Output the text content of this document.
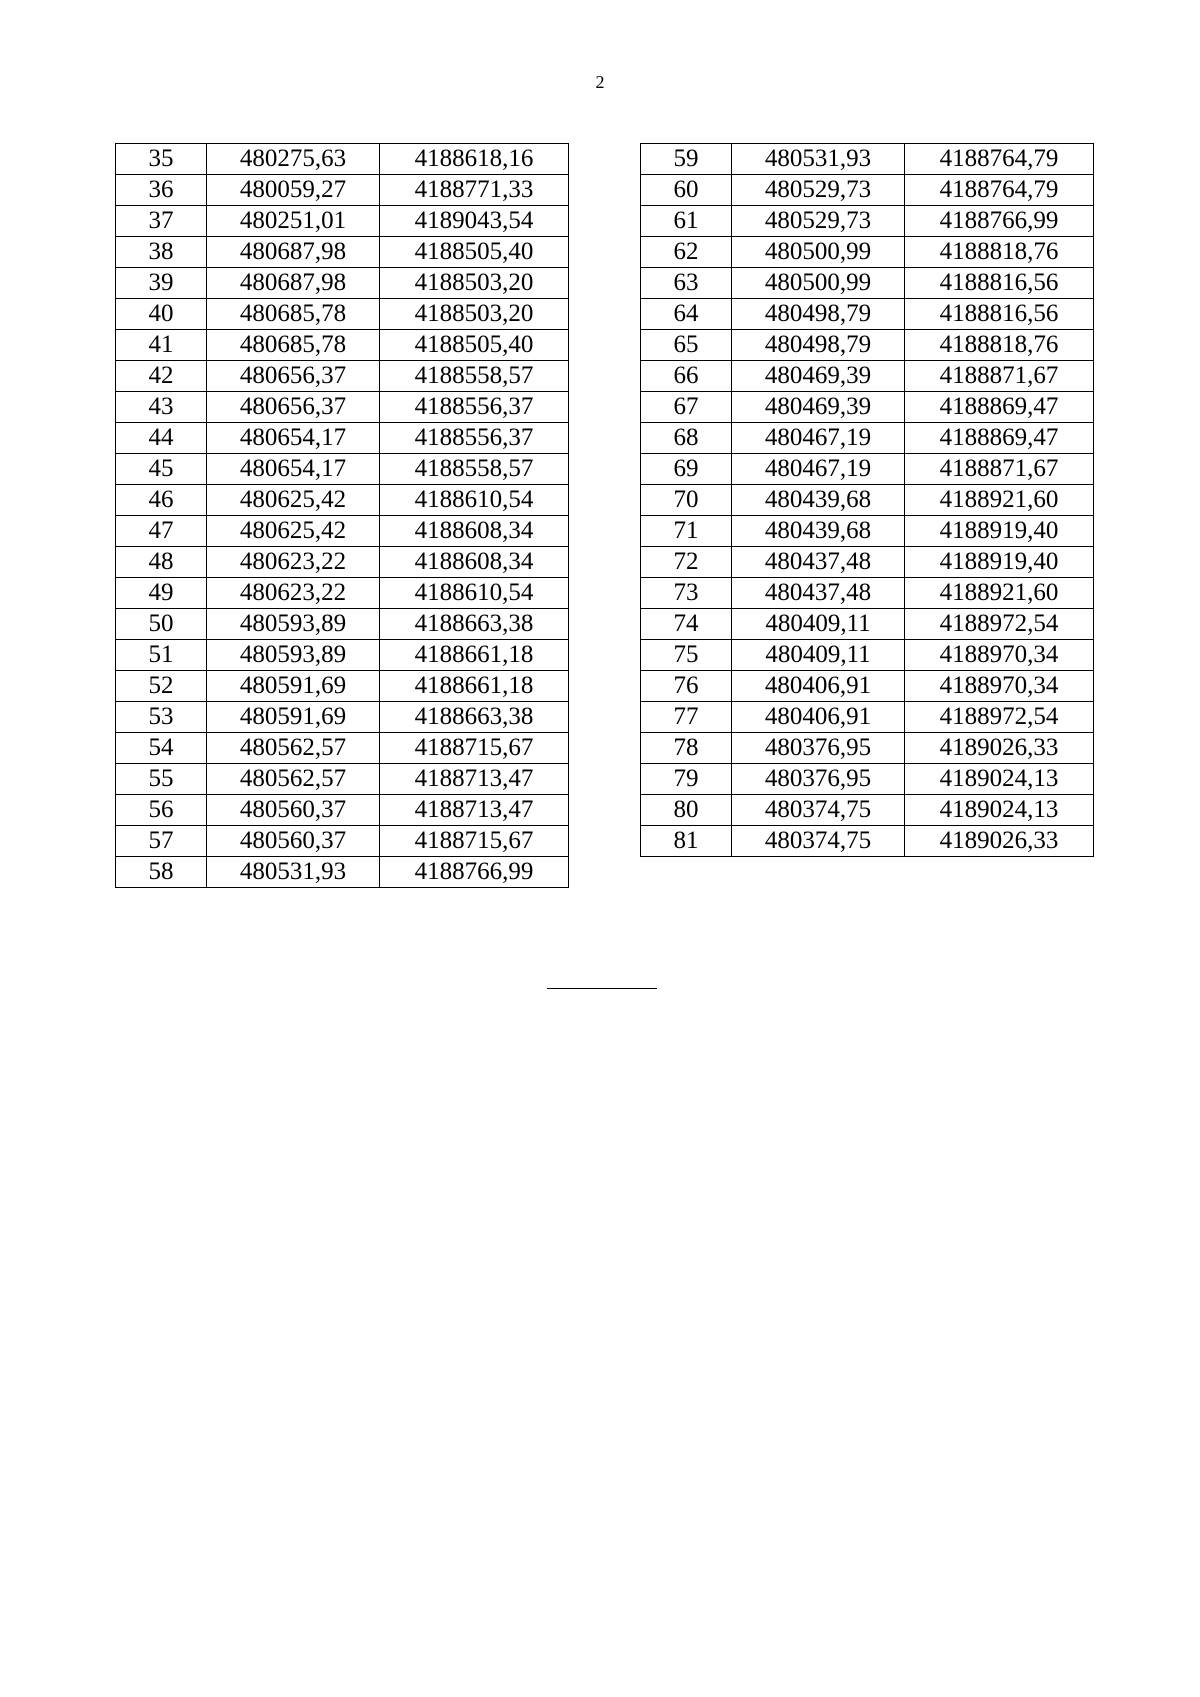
2
35	480275,63	4188618,16
36	480059,27	4188771,33
37	480251,01	4189043,54
38	480687,98	4188505,40
39	480687,98	4188503,20
40	480685,78	4188503,20
41	480685,78	4188505,40
42	480656,37	4188558,57
43	480656,37	4188556,37
44	480654,17	4188556,37
45	480654,17	4188558,57
46	480625,42	4188610,54
47	480625,42	4188608,34
48	480623,22	4188608,34
49	480623,22	4188610,54
50	480593,89	4188663,38
51	480593,89	4188661,18
52	480591,69	4188661,18
53	480591,69	4188663,38
54	480562,57	4188715,67
55	480562,57	4188713,47
56	480560,37	4188713,47
57	480560,37	4188715,67
58	480531,93	4188766,99
59	480531,93	4188764,79
60	480529,73	4188764,79
61	480529,73	4188766,99
62	480500,99	4188818,76
63	480500,99	4188816,56
64	480498,79	4188816,56
65	480498,79	4188818,76
66	480469,39	4188871,67
67	480469,39	4188869,47
68	480467,19	4188869,47
69	480467,19	4188871,67
70	480439,68	4188921,60
71	480439,68	4188919,40
72	480437,48	4188919,40
73	480437,48	4188921,60
74	480409,11	4188972,54
75	480409,11	4188970,34
76	480406,91	4188970,34
77	480406,91	4188972,54
78	480376,95	4189026,33
79	480376,95	4189024,13
80	480374,75	4189024,13
81	480374,75	4189026,33
